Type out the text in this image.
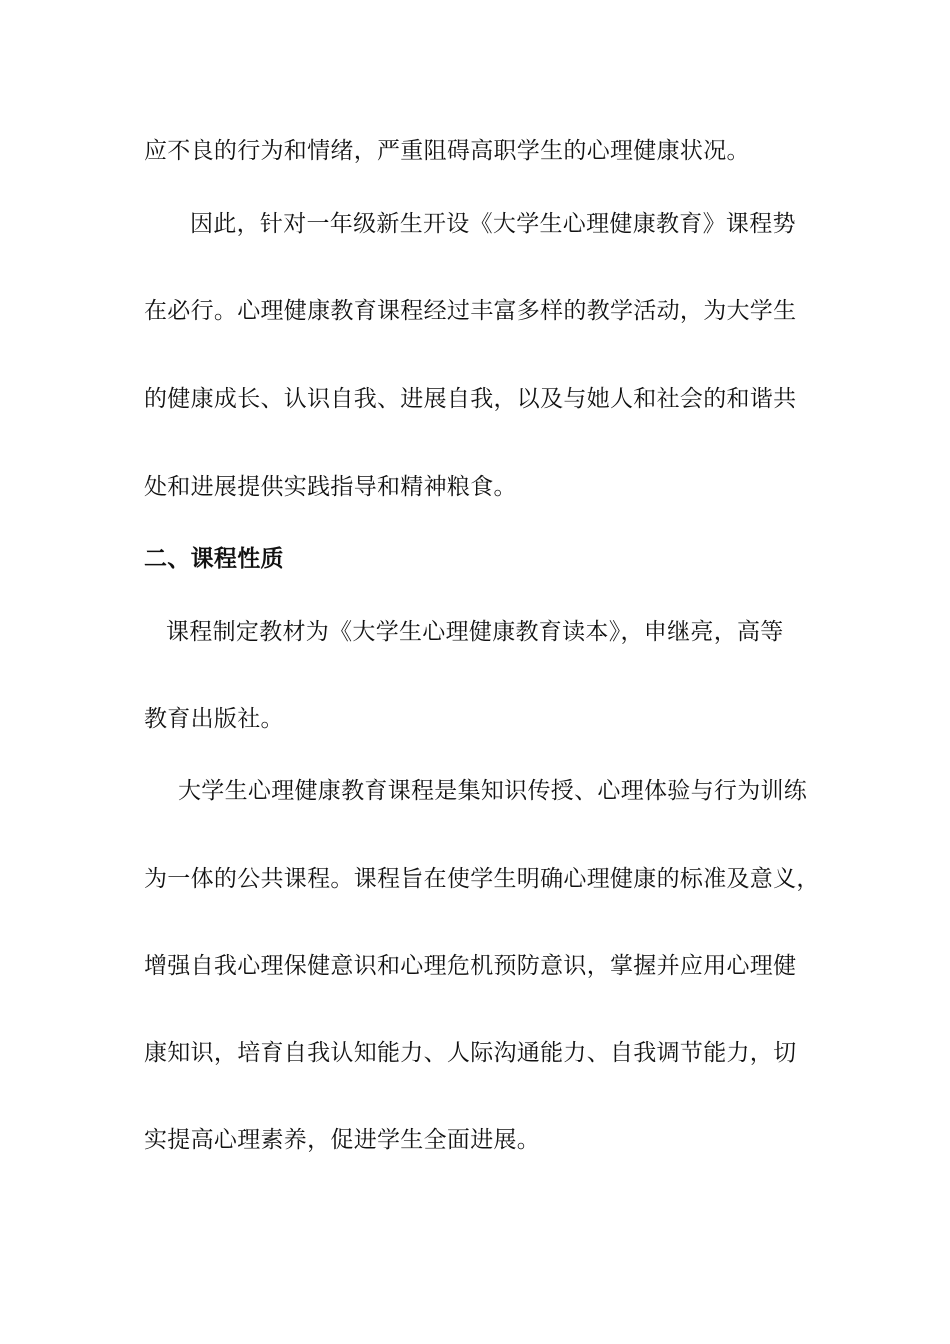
应不良的行为和情绪，严重阻碍高职学生的心理健康状况。
因此，针对一年级新生开设《大学生心理健康教育》课程势
在必行。心理健康教育课程经过丰富多样的教学活动，为大学生
的健康成长、认识自我、进展自我，以及与她人和社会的和谐共
处和进展提供实践指导和精神粮食。
二、课程性质
课程制定教材为《大学生心理健康教育读本》，申继亮，高等
教育出版社。
大学生心理健康教育课程是集知识传授、心理体验与行为训练
为一体的公共课程。课程旨在使学生明确心理健康的标准及意义，
增强自我心理保健意识和心理危机预防意识，掌握并应用心理健
康知识，培育自我认知能力、人际沟通能力、自我调节能力，切
实提高心理素养，促进学生全面进展。
